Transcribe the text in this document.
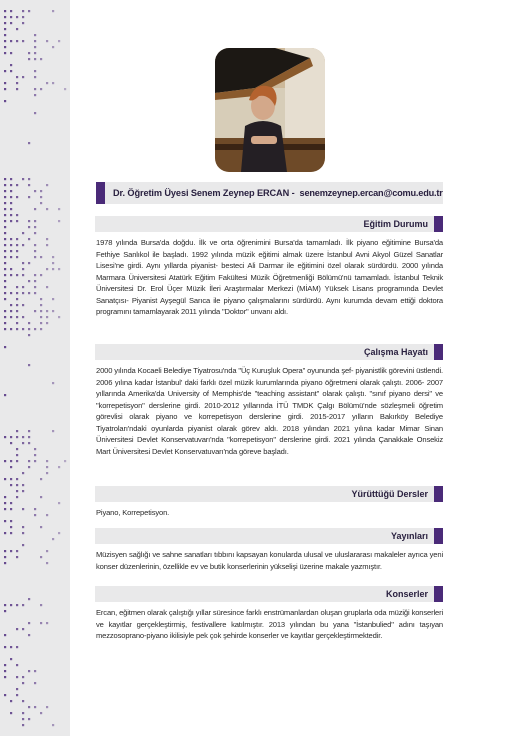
Dr. Öğretim Üyesi Senem Zeynep ERCAN - senemzeynep.ercan@comu.edu.tr
Eğitim Durumu
1978 yılında Bursa'da doğdu. İlk ve orta öğrenimini Bursa'da tamamladı. İlk piyano eğitimine Bursa'da Fethiye Sanlıkol ile başladı. 1992 yılında müzik eğitimi almak üzere İstanbul Avni Akyol Güzel Sanatlar Lisesi'ne girdi. Aynı yıllarda piyanist- besteci Ali Darmar ile eğitimini özel olarak sürdürdü. 2000 yılında Marmara Üniversitesi Atatürk Eğitim Fakültesi Müzik Öğretmenliği Bölümü'nü tamamladı. İstanbul Teknik Üniversitesi Dr. Erol Üçer Müzik İleri Araştırmalar Merkezi (MİAM) Yüksek Lisans programında Devlet Sanatçısı- Piyanist Ayşegül Sarıca ile piyano çalışmalarını sürdürdü. Aynı kurumda devam ettiği doktora programını tamamlayarak 2011 yılında "Doktor" unvanı aldı.
Çalışma Hayatı
2000 yılında Kocaeli Belediye Tiyatrosu'nda "Üç Kuruşluk Opera" oyununda şef- piyanistlik görevini üstlendi. 2006 yılına kadar İstanbul' daki farklı özel müzik kurumlarında piyano öğretmeni olarak çalıştı. 2006- 2007 yıllarında Amerika'da University of Memphis'de "teaching assistant" olarak çalıştı. "sınıf piyano dersi" ve "korrepetisyon" derslerine girdi. 2010-2012 yıllarında İTÜ TMDK Çalgı Bölümü'nde sözleşmeli öğretim görevlisi olarak piyano ve korrepetisyon derslerine girdi. 2015-2017 yılların Bakırköy Belediye Tiyatroları'ndaki oyunlarda piyanist olarak görev aldı. 2018 yılından 2021 yılına kadar Mimar Sinan Üniversitesi Devlet Konservatuvarı'nda "korrepetisyon" derslerine girdi. 2021 yılında Çanakkale Onsekiz Mart Üniversitesi Devlet Konservatuvarı'nda göreve başladı.
Yürüttüğü Dersler
Piyano, Korrepetisyon.
Yayınları
Müzisyen sağlığı ve sahne sanatları tıbbını kapsayan konularda ulusal ve uluslararası makaleler ayrıca yeni konser düzenlerinin, özellikle ev ve butik konserlerinin yükselişi üzerine makale yazmıştır.
Konserler
Ercan, eğitmen olarak çalıştığı yıllar süresince farklı enstrümanlardan oluşan gruplarla oda müziği konserleri ve kayıtlar gerçekleştirmiş, festivallere katılmıştır. 2013 yılından bu yana "İstanbulied" adını taşıyan mezzosoprano-piyano ikilisiyle pek çok şehirde konserler ve kayıtlar gerçekleştirmektedir.
